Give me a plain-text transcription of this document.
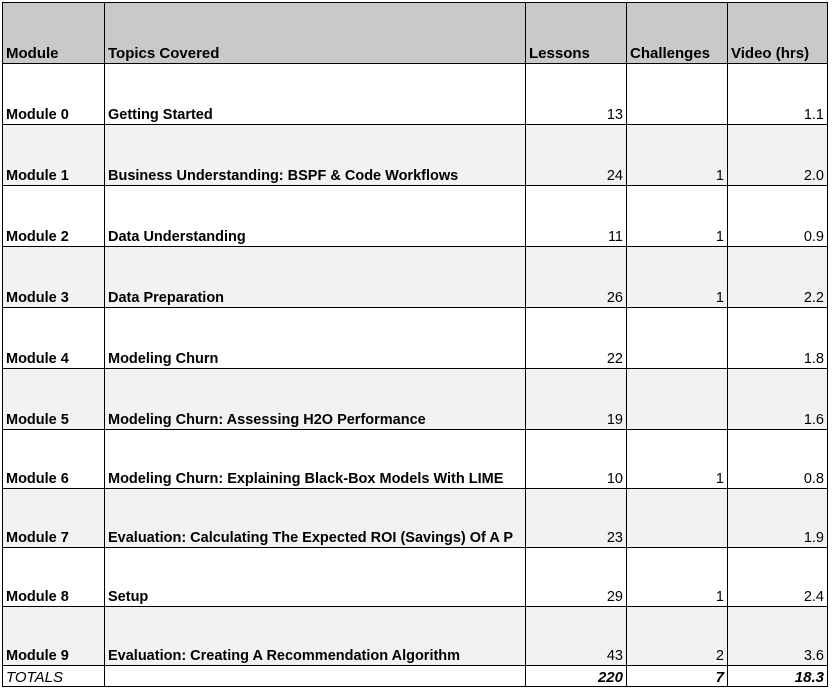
Module	Topics Covered	Lessons	Challenges	Video (hrs)
Module 0	Getting Started	13		1.1
Module 1	Business Understanding: BSPF & Code Workflows	24	1	2.0
Module 2	Data Understanding	11	1	0.9
Module 3	Data Preparation	26	1	2.2
Module 4	Modeling Churn	22		1.8
Module 5	Modeling Churn: Assessing H2O Performance	19		1.6
Module 6	Modeling Churn: Explaining Black-Box Models With LIME	10	1	0.8
Module 7	Evaluation: Calculating The Expected ROI (Savings) Of A P	23		1.9
Module 8	Setup	29	1	2.4
Module 9	Evaluation: Creating A Recommendation Algorithm	43	2	3.6
TOTALS		220	7	18.3
